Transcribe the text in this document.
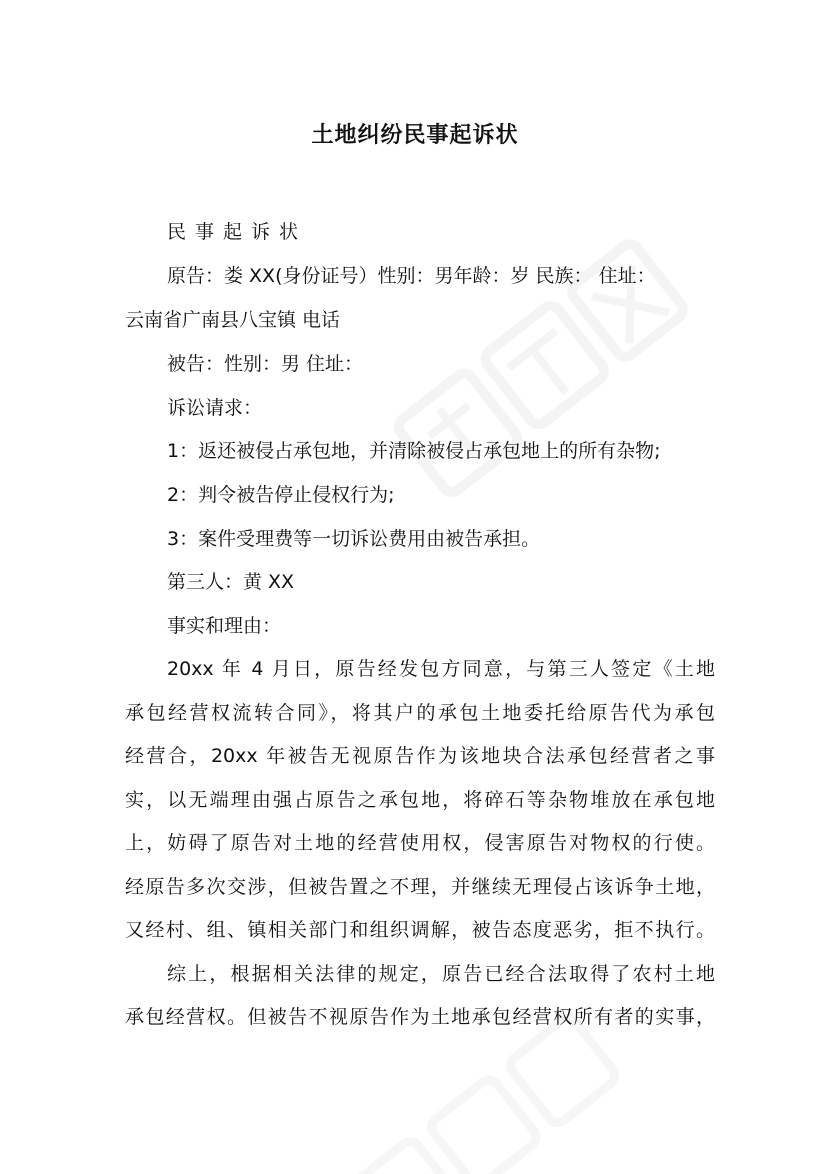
土地纠纷民事起诉状
民事起诉状
原告：娄 XX(身份证号）性别：男年龄：岁 民族： 住址：
云南省广南县八宝镇 电话
被告：性别：男 住址：
诉讼请求：
1：返还被侵占承包地，并清除被侵占承包地上的所有杂物;
2：判令被告停止侵权行为;
3：案件受理费等一切诉讼费用由被告承担。
第三人：黄 XX
事实和理由：
20xx 年 4 月日，原告经发包方同意，与第三人签定《土地
承包经营权流转合同》，将其户的承包土地委托给原告代为承包
经营合，20xx 年被告无视原告作为该地块合法承包经营者之事
实，以无端理由强占原告之承包地，将碎石等杂物堆放在承包地
上，妨碍了原告对土地的经营使用权，侵害原告对物权的行使。
经原告多次交涉，但被告置之不理，并继续无理侵占该诉争土地，
又经村、组、镇相关部门和组织调解，被告态度恶劣，拒不执行。
综上，根据相关法律的规定，原告已经合法取得了农村土地
承包经营权。但被告不视原告作为土地承包经营权所有者的实事，
